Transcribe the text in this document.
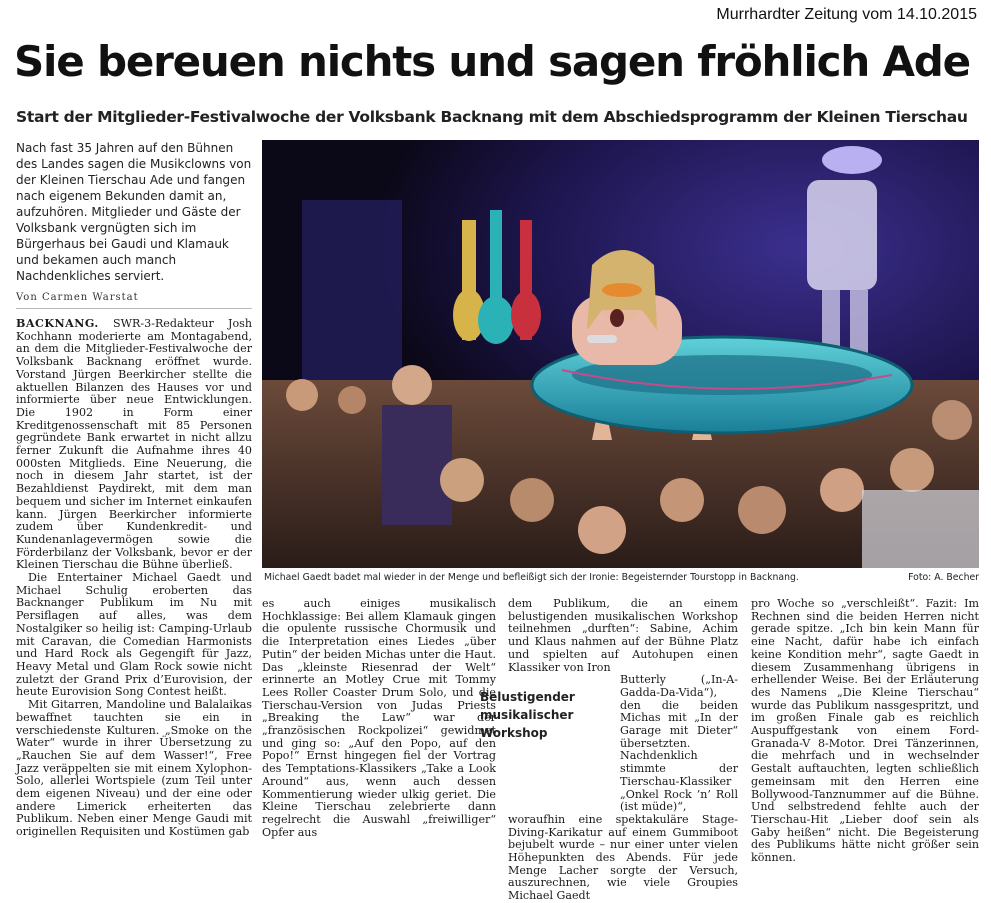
Murrhardter Zeitung vom 14.10.2015
Sie bereuen nichts und sagen fröhlich Ade
Start der Mitglieder-Festivalwoche der Volksbank Backnang mit dem Abschiedsprogramm der Kleinen Tierschau
Nach fast 35 Jahren auf den Bühnen des Landes sagen die Musikclowns von der Kleinen Tierschau Ade und fangen nach eigenem Bekunden damit an, aufzuhören. Mitglieder und Gäste der Volksbank vergnügten sich im Bürgerhaus bei Gaudi und Klamauk und bekamen auch manch Nachdenkliches serviert.
Von Carmen Warstat

BACKNANG. SWR-3-Redakteur Josh Kochhann moderierte am Montagabend, an dem die Mitglieder-Festivalwoche der Volksbank Backnang eröffnet wurde. Vorstand Jürgen Beerkircher stellte die aktuellen Bilanzen des Hauses vor und informierte über neue Entwicklungen. Die 1902 in Form einer Kreditgenossenschaft mit 85 Personen gegründete Bank erwartet in nicht allzu ferner Zukunft die Aufnahme ihres 40 000sten Mitglieds. Eine Neuerung, die noch in diesem Jahr startet, ist der Bezahldienst Paydirekt, mit dem man bequem und sicher im Internet einkaufen kann. Jürgen Beerkircher informierte zudem über Kundenkredit- und Kundenanlagevermögen sowie die Förderbilanz der Volksbank, bevor er der Kleinen Tierschau die Bühne überließ.

Die Entertainer Michael Gaedt und Michael Schulig eroberten das Backnanger Publikum im Nu mit Persiflagen auf alles, was dem Nostalgiker so heilig ist: Camping-Urlaub mit Caravan, die Comedian Harmonists und Hard Rock als Gegengift für Jazz, Heavy Metal und Glam Rock sowie nicht zuletzt der Grand Prix d’Eurovision, der heute Eurovision Song Contest heißt.

Mit Gitarren, Mandoline und Balalaikas bewaffnet tauchten sie ein in verschiedenste Kulturen. „Smoke on the Water“ wurde in ihrer Übersetzung zu „Rauchen Sie auf dem Wasser!“, Free Jazz veräppelten sie mit einem Xylophon-Solo, allerlei Wortspiele (zum Teil unter dem eigenen Niveau) und der eine oder andere Limerick erheiterten das Publikum. Neben einer Menge Gaudi mit originellen Requisiten und Kostümen gab

Michael Gaedt badet mal wieder in der Menge und befleißigt sich der Ironie: Begeisternder Tourstopp in Backnang.	Foto: A. Becher

es auch einiges musikalisch Hochklassige: Bei allem Klamauk gingen die opulente russische Chormusik und die Interpretation eines Liedes „über Putin“ der beiden Michas unter die Haut. Das „kleinste Riesenrad der Welt“ erinnerte an Motley Crue mit Tommy Lees Roller Coaster Drum Solo, und die Tierschau-Version von Judas Priests „Breaking the Law“ war der „französischen Rockpolizei“ gewidmet und ging so: „Auf den Popo, auf den Popo!“ Ernst hingegen fiel der Vortrag des Temptations-Klassikers „Take a Look Around“ aus, wenn auch dessen Kommentierung wieder ulkig geriet. Die Kleine Tierschau zelebrierte dann regelrecht die Auswahl „freiwilliger“ Opfer aus

dem Publikum, die an einem belustigenden musikalischen Workshop teilnehmen „durften“: Sabine, Achim und Klaus nahmen auf der Bühne Platz und spielten auf Autohupen einen Klassiker von Iron

Butterly („In-A-Gadda-Da-Vida“), den die beiden Michas mit „In der Garage mit Dieter“ übersetzten. Nachdenklich stimmte der Tierschau-Klassiker „Onkel Rock ’n’ Roll (ist müde)“,

woraufhin eine spektakuläre Stage-Diving-Karikatur auf einem Gummiboot bejubelt wurde – nur einer unter vielen Höhepunkten des Abends. Für jede Menge Lacher sorgte der Versuch, auszurechnen, wie viele Groupies Michael Gaedt

Belustigender musikalischer Workshop

pro Woche so „verschleißt“. Fazit: Im Rechnen sind die beiden Herren nicht gerade spitze. „Ich bin kein Mann für eine Nacht, dafür habe ich einfach keine Kondition mehr“, sagte Gaedt in diesem Zusammenhang übrigens in erhellender Weise. Bei der Erläuterung des Namens „Die Kleine Tierschau“ wurde das Publikum nassgespritzt, und im großen Finale gab es reichlich Auspuffgestank von einem Ford-Granada-V 8-Motor. Drei Tänzerinnen, die mehrfach und in wechselnder Gestalt auftauchten, legten schließlich gemeinsam mit den Herren eine Bollywood-Tanznummer auf die Bühne. Und selbstredend fehlte auch der Tierschau-Hit „Lieber doof sein als Gaby heißen“ nicht. Die Begeisterung des Publikums hätte nicht größer sein können.
